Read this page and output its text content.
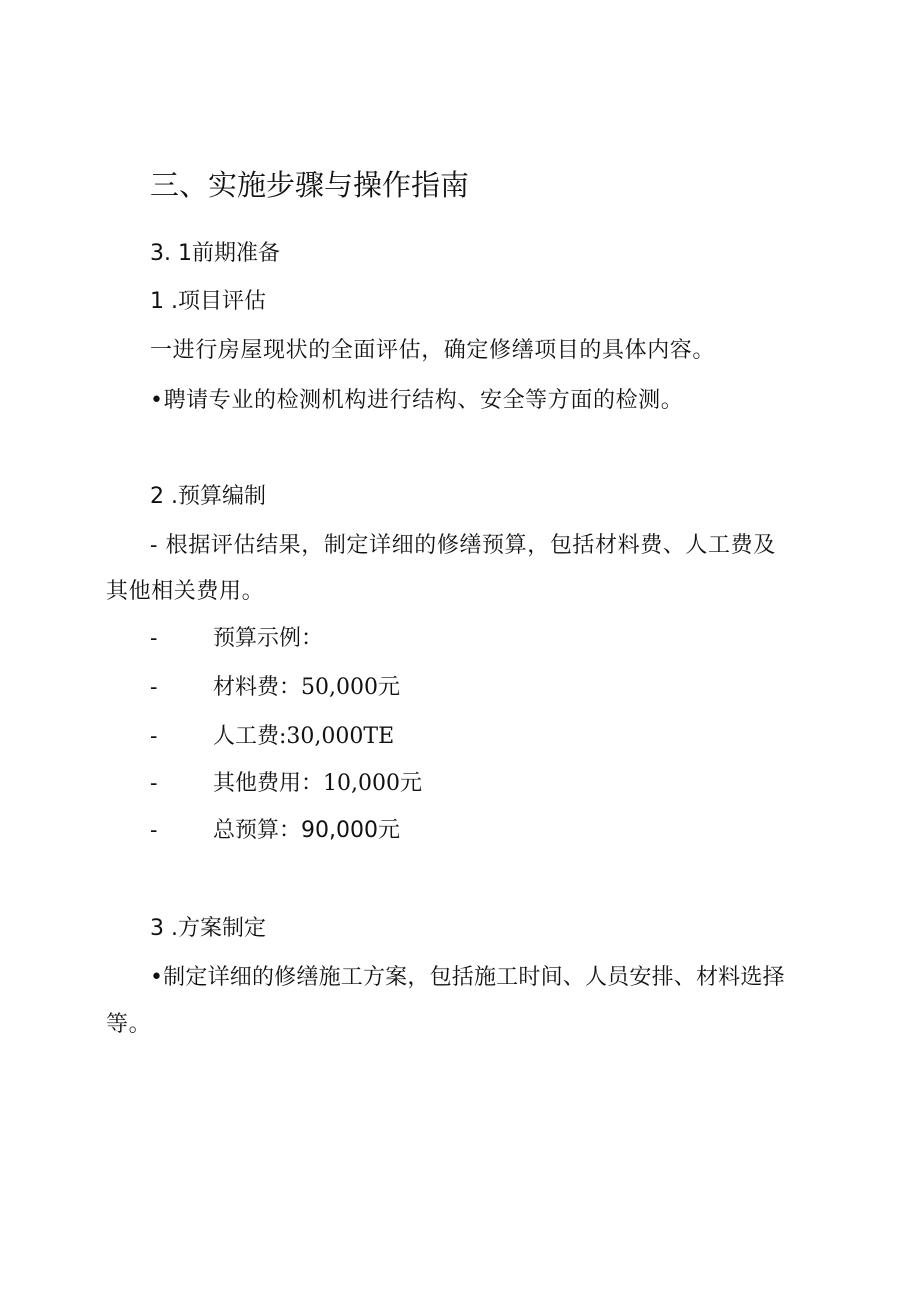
三、实施步骤与操作指南
3. 1前期准备
1 .项目评估
一进行房屋现状的全面评估，确定修缮项目的具体内容。
•聘请专业的检测机构进行结构、安全等方面的检测。
2 .预算编制
- 根据评估结果，制定详细的修缮预算，包括材料费、人工费及
其他相关费用。
-	预算示例：
-	材料费：50,000元
-	人工费:30,000TE
-	其他费用：10,000元
-	总预算：90,000元
3 .方案制定
•制定详细的修缮施工方案，包括施工时间、人员安排、材料选择
等。
